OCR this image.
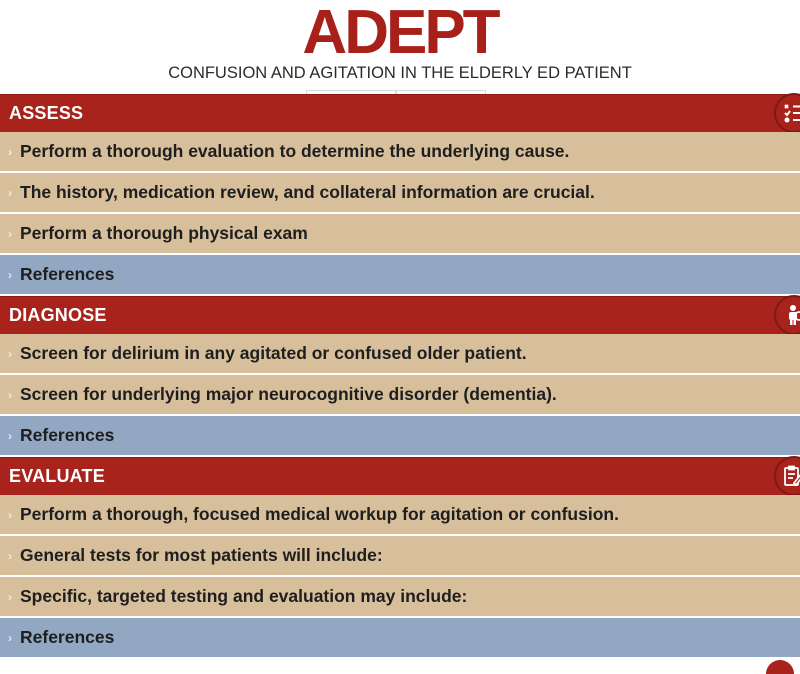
ADEPT
CONFUSION AND AGITATION IN THE ELDERLY ED PATIENT
ASSESS
› Perform a thorough evaluation to determine the underlying cause.
› The history, medication review, and collateral information are crucial.
› Perform a thorough physical exam
› References
DIAGNOSE
› Screen for delirium in any agitated or confused older patient.
› Screen for underlying major neurocognitive disorder (dementia).
› References
EVALUATE
› Perform a thorough, focused medical workup for agitation or confusion.
› General tests for most patients will include:
› Specific, targeted testing and evaluation may include:
› References
